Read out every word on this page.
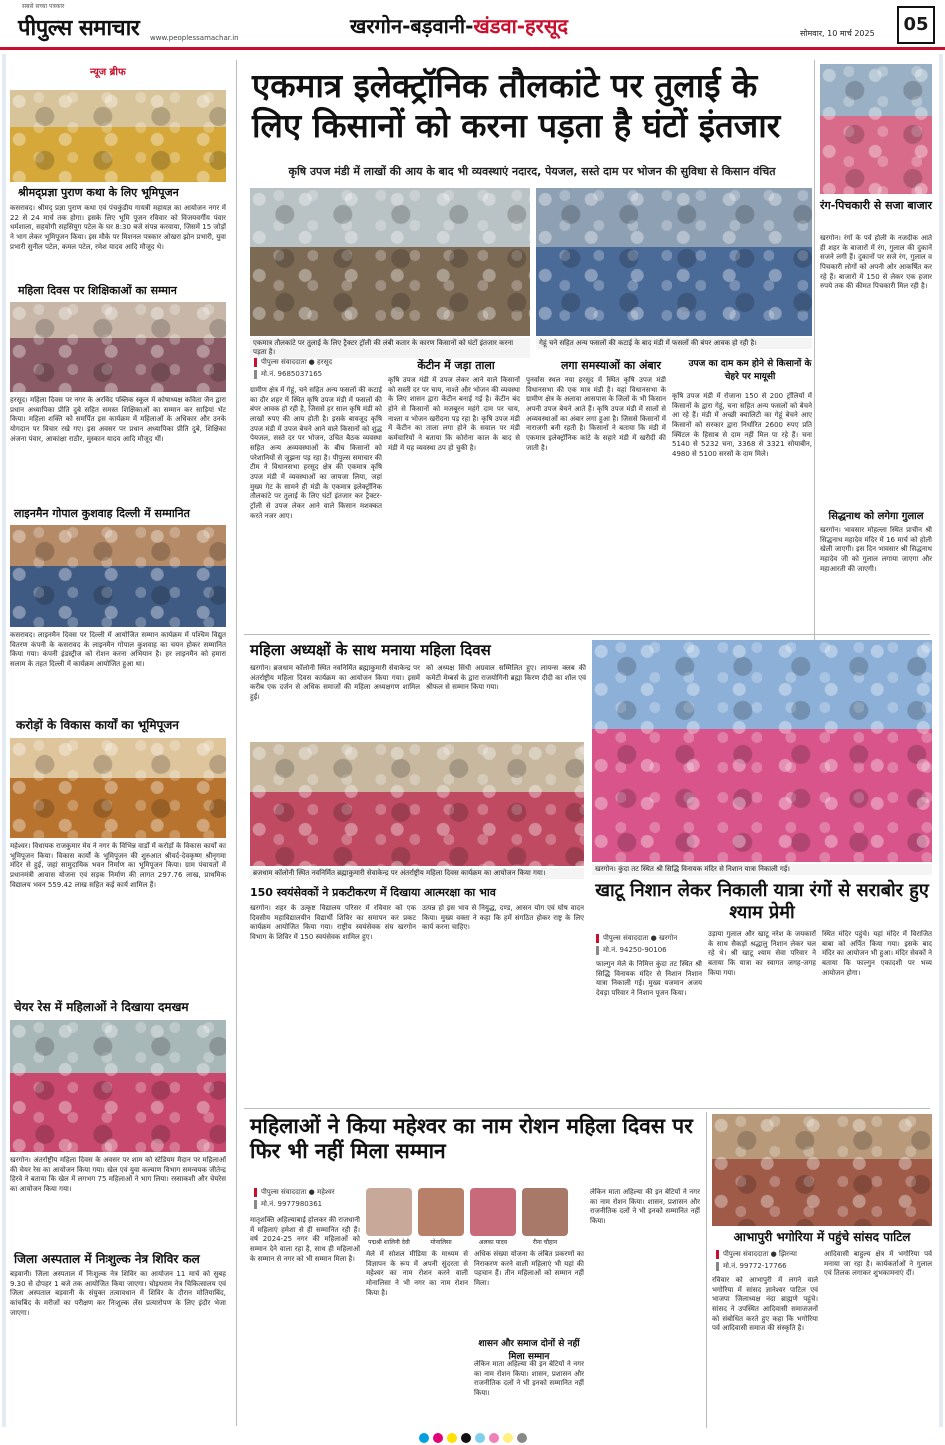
सबसे सच्चा पत्रकार
पीपुल्स समाचार www.peoplessamachar.in	खरगोन-बड़वानी-खंडवा-हरसूद	सोमवार, 10 मार्च 2025	05
न्यूज ब्रीफ
श्रीमद्प्रज्ञा पुराण कथा के लिए भूमिपूजन
कसरावद। श्रीमद् प्रज्ञा पुराण कथा एवं पंचकुंडीय गायत्री महायज्ञ का आयोजन नगर में 22 से 24 मार्च तक होगा। इसके लिए भूमि पूजन रविवार को विजयवर्गीय पंवार धर्मशाला, सहयोगी सहसियुग पटेल के घर 8:30 बजे संपन्न करवाया, जिसमें 15 जोड़ों ने भाग लेकर भूमिपूजन किया। इस मौके पर मिशनल पत्रकार ओखरा झोन प्रभारी, युवा प्रभारी सुनील पटेल, कमल पटेल, रमेश यादव आदि मौजूद थे।
महिला दिवस पर शिक्षिकाओं का सम्मान
हरसूद। महिला दिवस पर नगर के अरविंद पब्लिक स्कूल में कोषाध्यक्ष कविता जैन द्वारा प्रधान अध्यापिका प्रीति दुबे सहित समस्त शिक्षिकाओं का सम्मान कर साड़ियां भेंट किया। महिला शक्ति को समर्पित इस कार्यक्रम में महिलाओं के अधिकार और उनके योगदान पर विचार रखे गए। इस अवसर पर प्रधान अध्यापिका प्रीति दुबे, शिक्षिका अंजना पंवार, आकांक्षा राठौर, मुस्कान यादव आदि मौजूद थीं।
लाइनमैन गोपाल कुशवाह दिल्ली में सम्मानित
कसरावद। लाइनमैन दिवस पर दिल्ली में आयोजित सम्मान कार्यक्रम में पश्चिम विद्युत वितरण कंपनी के कसरावद के लाइनमैन गोपाल कुशवाह का चयन होकर सम्मानित किया गया। कंपनी इंडस्ट्रीज को रोशन करना अभियान है। हर लाइनमैन को हमारा सलाम के तहत दिल्ली में कार्यक्रम आयोजित हुआ था।
करोड़ों के विकास कार्यों का भूमिपूजन
महेश्वर। विधायक राजकुमार मेव ने नगर के विभिन्न वार्डों में करोड़ों के विकास कार्यों का भूमिपूजन किया। विकास कार्यों के भूमिपूजन की शुरुआत श्रीवर्द-देवकृष्ण श्रीनृगमा मंदिर से हुई, जहां सामुदायिक भवन निर्माण का भूमिपूजन किया। ग्राम पंचायतों में प्रधानमंत्री आवास योजना एवं सड़क निर्माण की लागत 297.76 लाख, प्राथमिक विद्यालय भवन 559.42 लाख सहित कई कार्य शामिल हैं।
चेयर रेस में महिलाओं ने दिखाया दमखम
खरगोन। अंतर्राष्ट्रीय महिला दिवस के अवसर पर शाम को स्टेडियम मैदान पर महिलाओं की चेयर रेस का आयोजन किया गया। खेल एवं युवा कल्याण विभाग समन्वयक जीतेन्द्र हिरवे ने बताया कि खेल में लगभग 75 महिलाओं ने भाग लिया। रस्साकशी और चेयरेस का आयोजन किया गया।
जिला अस्पताल में निःशुल्क नेत्र शिविर कल
बड़वानी। जिला अस्पताल में निःशुल्क नेत्र शिविर का आयोजन 11 मार्च को सुबह 9.30 से दोपहर 1 बजे तक आयोजित किया जाएगा। चोइथराम नेत्र चिकित्सालय एवं जिला अस्पताल बड़वानी के संयुक्त तत्वावधान में शिविर के दौरान मोतियाबिंद, कांचबिंद के मरीजों का परीक्षण कर निःशुल्क लेंस प्रत्यारोपण के लिए इंदौर भेजा जाएगा।
एकमात्र इलेक्ट्रॉनिक तौलकांटे पर तुलाई के लिए किसानों को करना पड़ता है घंटों इंतजार
कृषि उपज मंडी में लाखों की आय के बाद भी व्यवस्थाएं नदारद, पेयजल, सस्ते दाम पर भोजन की सुविधा से किसान वंचित
एकमात्र तौलकांटे पर तुलाई के लिए ट्रैक्टर ट्रॉली की लंबी कतार के कारण किसानों को घंटों इंतजार करना पड़ता है।
गेहूं चने सहित अन्य फसलों की कटाई के बाद मंडी में फसलों की बंपर आवक हो रही है।
पीपुल्स संवाददाता ● हरसूद
मो.नं. 9685037165
केंटीन में जड़ा ताला	लगा समस्याओं का अंबार	उपज का दाम कम होने से किसानों के चेहरे पर मायूसी
ग्रामीण क्षेत्र में गेहूं, चने सहित अन्य फसलों की कटाई का दौर शहर में स्थित कृषि उपज मंडी में फसलों की बंपर आवक हो रही है, जिससे हर साल कृषि मंडी को लाखों रुपए की आय होती है। इसके बावजूद कृषि उपज मंडी में उपज बेचने आने वाले किसानों को शुद्ध पेयजल, सस्ते दर पर भोजन, उचित बैठक व्यवस्था सहित अन्य अव्यवस्थाओं के बीच किसानों को परेशानियों से जूझना पड़ रहा है। पीपुल्स समाचार की टीम ने विधानसभा हरसूद क्षेत्र की एकमात्र कृषि उपज मंडी में व्यवस्थाओं का जायजा लिया, जहां मुख्य गेट के सामने ही मंडी के एकमात्र इलेक्ट्रॉनिक तौलकांटे पर तुलाई के लिए घंटों इंतजार कर ट्रैक्टर-ट्रॉली से उपज लेकर आने वाले किसान मशक्कत करते नजर आए।
कृषि उपज मंडी में उपज लेकर आने वाले किसानों को सस्ती दर पर चाय, नाश्ते और भोजन की व्यवस्था के लिए शासन द्वारा केंटीन बनाई गई है। केंटीन बंद होने से किसानों को मजबूरन महंगे दाम पर चाय, नाश्ता व भोजन खरीदना पड़ रहा है। कृषि उपज मंडी में केंटीन का ताला लगा होने के सवाल पर मंडी कर्मचारियों ने बताया कि कोरोना काल के बाद से मंडी में यह व्यवस्था ठप हो चुकी है।
पुनर्वास स्थल नया हरसूद में स्थित कृषि उपज मंडी विधानसभा की एक मात्र मंडी है। यहां विधानसभा के ग्रामीण क्षेत्र के अलावा आसपास के जिलों के भी किसान अपनी उपज बेचने आते हैं। कृषि उपज मंडी में सालों से अव्यवस्थाओं का अंबार लगा हुआ है। जिससे किसानों में नाराजगी बनी रहती है। किसानों ने बताया कि मंडी में एकमात्र इलेक्ट्रॉनिक कांटे के सहारे मंडी में खरीदी की जाती है।
कृषि उपज मंडी में रोजाना 150 से 200 ट्रॉलियों में किसानों के द्वारा गेहूं, चना सहित अन्य फसलों को बेचने आ रहे हैं। मंडी में अच्छी क्वालिटी का गेहूं बेचने आए किसानों को सरकार द्वारा निर्धारित 2600 रुपए प्रति क्विंटल के हिसाब से दाम नहीं मिल पा रहे हैं। चना 5140 से 5232 चना, 3368 से 3321 सोयाबीन, 4980 से 5100 सरसों के दाम मिले।
रंग-पिचकारी से सजा बाजार
खरगोन। रंगों के पर्व होली के नजदीक आते ही शहर के बाजारों में रंग, गुलाल की दुकानें सजने लगी हैं। दुकानों पर सजे रंग, गुलाल व पिचकारी लोगों को अपनी ओर आकर्षित कर रहे हैं। बाजारों में 150 से लेकर एक हजार रुपये तक की कीमत पिचकारी मिल रही है।
सिद्धनाथ को लगेगा गुलाल
खरगोन। भावसार मोहल्ला स्थित प्राचीन श्री सिद्धनाथ महादेव मंदिर में 16 मार्च को होली खेली जाएगी। इस दिन भावसार श्री सिद्धनाथ महादेव जी को गुलाल लगाया जाएगा और महाआरती की जाएगी।
महिला अध्यक्षों के साथ मनाया महिला दिवस
खरगोन। ब्रजधाम कॉलोनी स्थित नवनिर्मित ब्रह्माकुमारी सेवाकेन्द्र पर अंतर्राष्ट्रीय महिला दिवस कार्यक्रम का आयोजन किया गया। इसमें करीब एक दर्जन से अधिक समाजों की महिला अध्यक्षगण शामिल हुईं।
को अध्यक्ष सिंधी अग्रवाल सम्मिलित हुए। लायन्स क्लब की कमेटी मेम्बर्स के द्वारा राजयोगिनी ब्रह्मा किरण दीदी का शॉल एवं श्रीफल से सम्मान किया गया।
ब्रजधाम कॉलोनी स्थित नवनिर्मित ब्रह्माकुमारी सेवाकेन्द्र पर अंतर्राष्ट्रीय महिला दिवस कार्यक्रम का आयोजन किया गया।	खरगोन। कुंदा तट स्थित श्री सिद्धि विनायक मंदिर से निशान यात्रा निकाली गई।
खाटू निशान लेकर निकाली यात्रा रंगों से सराबोर हुए श्याम प्रेमी
पीपुल्स संवाददाता ● खरगोन
मो.नं. 94250-90106
फाल्गुन मेले के निमित्त कुंदा तट स्थित श्री सिद्धि विनायक मंदिर से निशान निशान यात्रा निकाली गई। मुख्य यजमान अजय देवड़ा परिवार ने निशान पूजन किया।
उड़ाया गुलाल और खाटू नरेश के जयकारों के साथ सैकड़ों श्रद्धालु निशान लेकर चल रहे थे। श्री खाटू श्याम सेवा परिवार ने बताया कि यात्रा का स्वागत जगह-जगह किया गया।
स्थित मंदिर पहुंचे। यहां मंदिर में विराजित बाबा को अर्पित किया गया। इसके बाद मंदिर का आयोजन भी हुआ। मंदिर सेवकों ने बताया कि फाल्गुन एकादशी पर भव्य आयोजन होगा।
150 स्वयंसेवकों ने प्रकटीकरण में दिखाया आत्मरक्षा का भाव
खरगोन। शहर के उत्कृष्ट विद्यालय परिसर में रविवार को एक दिवसीय महाविद्यालयीन विद्यार्थी शिविर का समापन कर प्रकट कार्यक्रम आयोजित किया गया। राष्ट्रीय स्वयंसेवक संघ खरगोन विभाग के शिविर में 150 स्वयंसेवक शामिल हुए।
उत्पन्न हो इस भाव से नियुद्ध, दण्ड, आसन योग एवं घोष वादन किया। मुख्य वक्ता ने कहा कि हमें संगठित होकर राष्ट्र के लिए कार्य करना चाहिए।
महिलाओं ने किया महेश्वर का नाम रोशन महिला दिवस पर फिर भी नहीं मिला सम्मान
पीपुल्स संवाददाता ● महेश्वर
मो.नं. 9977980361
मातृशक्ति अहिल्याबाई होलकर की राजधानी में महिलाएं हमेशा से ही सम्मानित रही हैं। वर्ष 2024-25 नगर की महिलाओं को सम्मान देने वाला रहा है, साथ ही महिलाओं के सम्मान से नगर को भी सम्मान मिला है।
पद्मश्री शालिनी देवी	मोनालिसा	अलका यादव	रीना चौहान
मेले में सोशल मीडिया के माध्यम से विज्ञापन के रूप में अपनी सुंदरता से महेश्वर का नाम रोशन करने वाली मोनालिसा ने भी नगर का नाम रोशन किया है।
अधिक संख्या योजना के लंबित प्रकरणों का निराकरण करने वाली महिलाएं भी यहां की पहचान हैं। तीन महिलाओं को सम्मान नहीं मिला।
शासन और समाज दोनों से नहीं मिला सम्मान
लेकिन माता अहिल्या की इन बेटियों ने नगर का नाम रोशन किया। शासन, प्रशासन और राजनीतिक दलों ने भी इनको सम्मानित नहीं किया।
लेकिन माता अहिल्या की इन बेटियों ने नगर का नाम रोशन किया। शासन, प्रशासन और राजनीतिक दलों ने भी इनको सम्मानित नहीं किया।
आभापुरी भगोरिया में पहुंचे सांसद पाटिल
पीपुल्स संवाददाता ● झिरन्या
मो.नं. 99772-17766
रविवार को आभापुरी में लगने वाले भगोरिया में सांसद ज्ञानेश्वर पाटिल एवं भाजपा जिलाध्यक्ष नंदा ब्राह्मणे पहुंचे। सांसद ने उपस्थित आदिवासी समाजजनों को संबोधित करते हुए कहा कि भगोरिया पर्व आदिवासी समाज की संस्कृति है।
आदिवासी बाहुल्य क्षेत्र में भगोरिया पर्व मनाया जा रहा है। कार्यकर्ताओं ने गुलाल एवं तिलक लगाकर शुभकामनाएं दीं।
